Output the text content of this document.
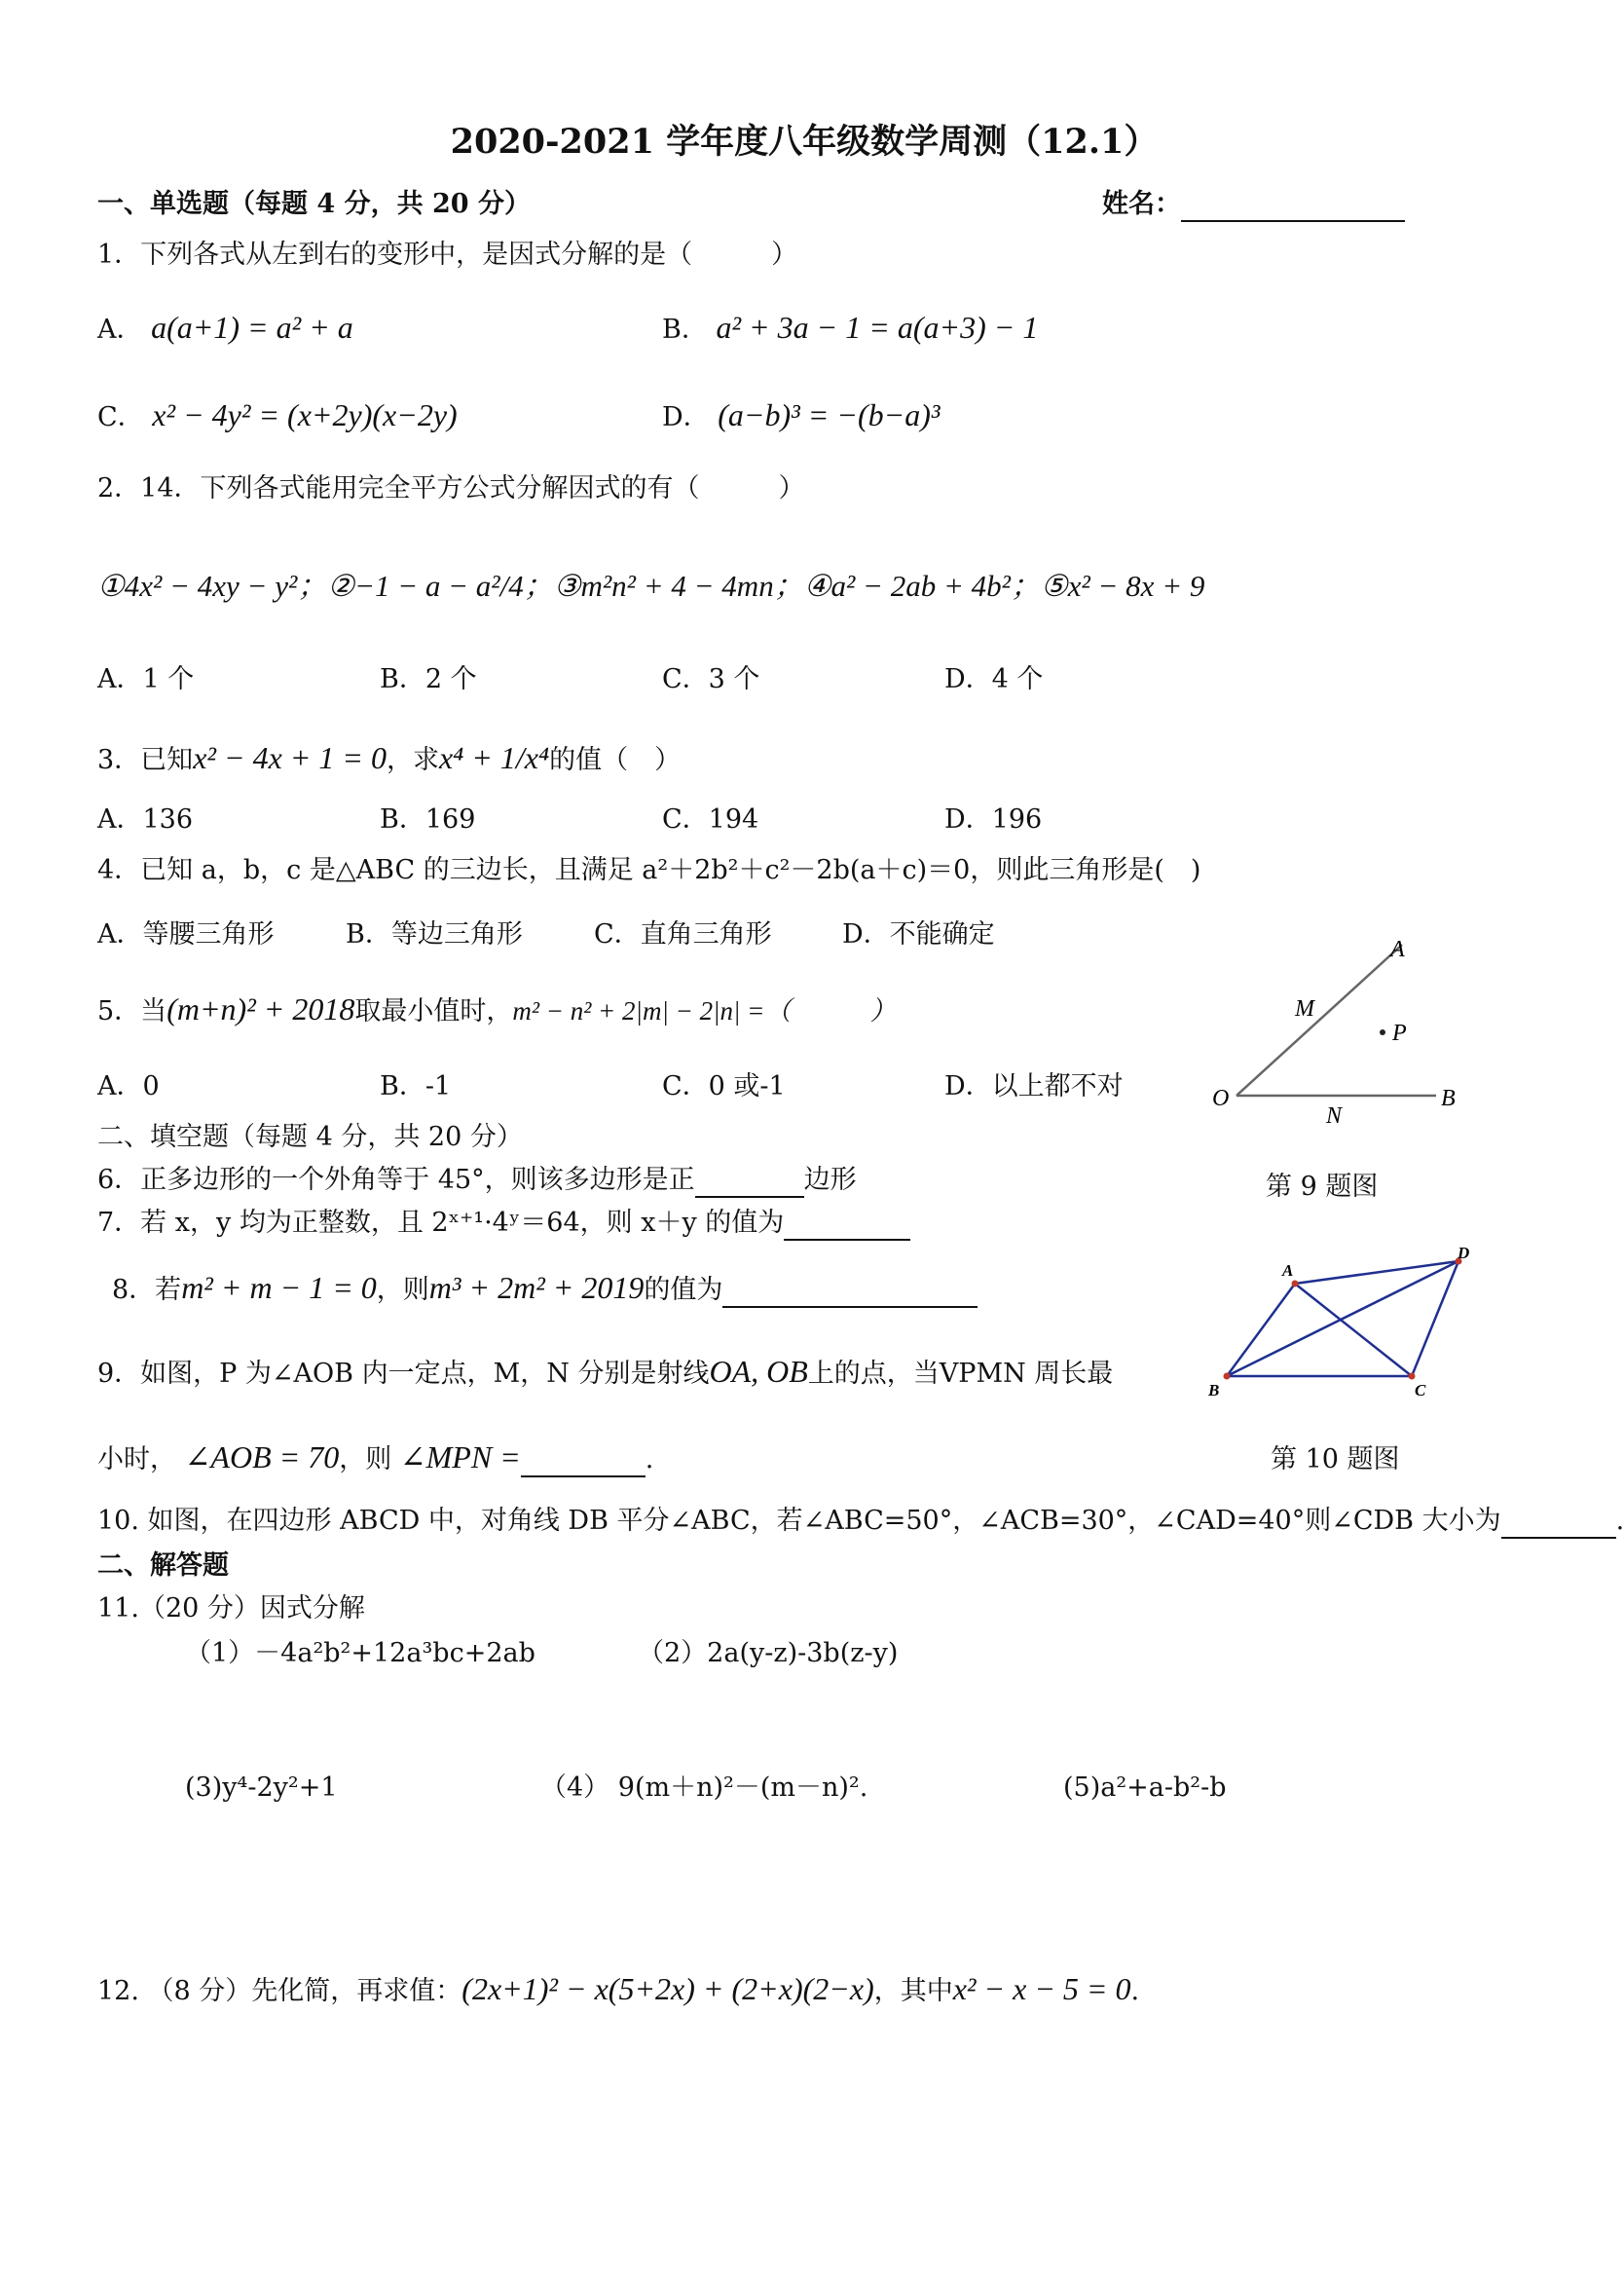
2020-2021 学年度八年级数学周测（12.1）
一、单选题（每题 4 分，共 20 分）	姓名：
1．下列各式从左到右的变形中，是因式分解的是（　　　）
A． a(a+1) = a² + a	B． a² + 3a − 1 = a(a+3) − 1
C． x² − 4y² = (x+2y)(x−2y)	D． (a−b)³ = −(b−a)³
2．14．下列各式能用完全平方公式分解因式的有（　　　）
①4x² − 4xy − y²；②−1 − a − a²/4；③m²n² + 4 − 4mn；④a² − 2ab + 4b²；⑤x² − 8x + 9
A．1 个	B．2 个	C．3 个	D．4 个
3．已知x² − 4x + 1 = 0，求x⁴ + 1/x⁴的值（　）
A．136	B．169	C．194	D．196
4．已知 a，b，c 是△ABC 的三边长，且满足 a²＋2b²＋c²－2b(a＋c)＝0，则此三角形是(　)
A．等腰三角形	B．等边三角形	C．直角三角形	D．不能确定
5．当(m+n)² + 2018取最小值时，m² − n² + 2|m| − 2|n| =（　　　）
A．0	B．-1	C．0 或-1	D．以上都不对
A
M
P
O
N
B
二、填空题（每题 4 分，共 20 分）
6．正多边形的一个外角等于 45°，则该多边形是正	边形	第 9 题图
7．若 x，y 均为正整数，且 2ˣ⁺¹·4ʸ＝64，则 x＋y 的值为
8．若m² + m − 1 = 0，则m³ + 2m² + 2019的值为
A
D
C
B
9．如图，P 为∠AOB 内一定点，M，N 分别是射线OA, OB上的点，当VPMN 周长最
小时， ∠AOB = 70，则 ∠MPN =	.	第 10 题图
10. 如图，在四边形 ABCD 中，对角线 DB 平分∠ABC，若∠ABC=50°，∠ACB=30°，∠CAD=40°则∠CDB 大小为	.
二、解答题
11.（20 分）因式分解
（1）－4a²b²+12a³bc+2ab	（2）2a(y-z)-3b(z-y)
(3)y⁴-2y²+1	（4） 9(m＋n)²－(m－n)².	(5)a²+a-b²-b
12. （8 分）先化简，再求值：(2x+1)² − x(5+2x) + (2+x)(2−x)，其中x² − x − 5 = 0.
